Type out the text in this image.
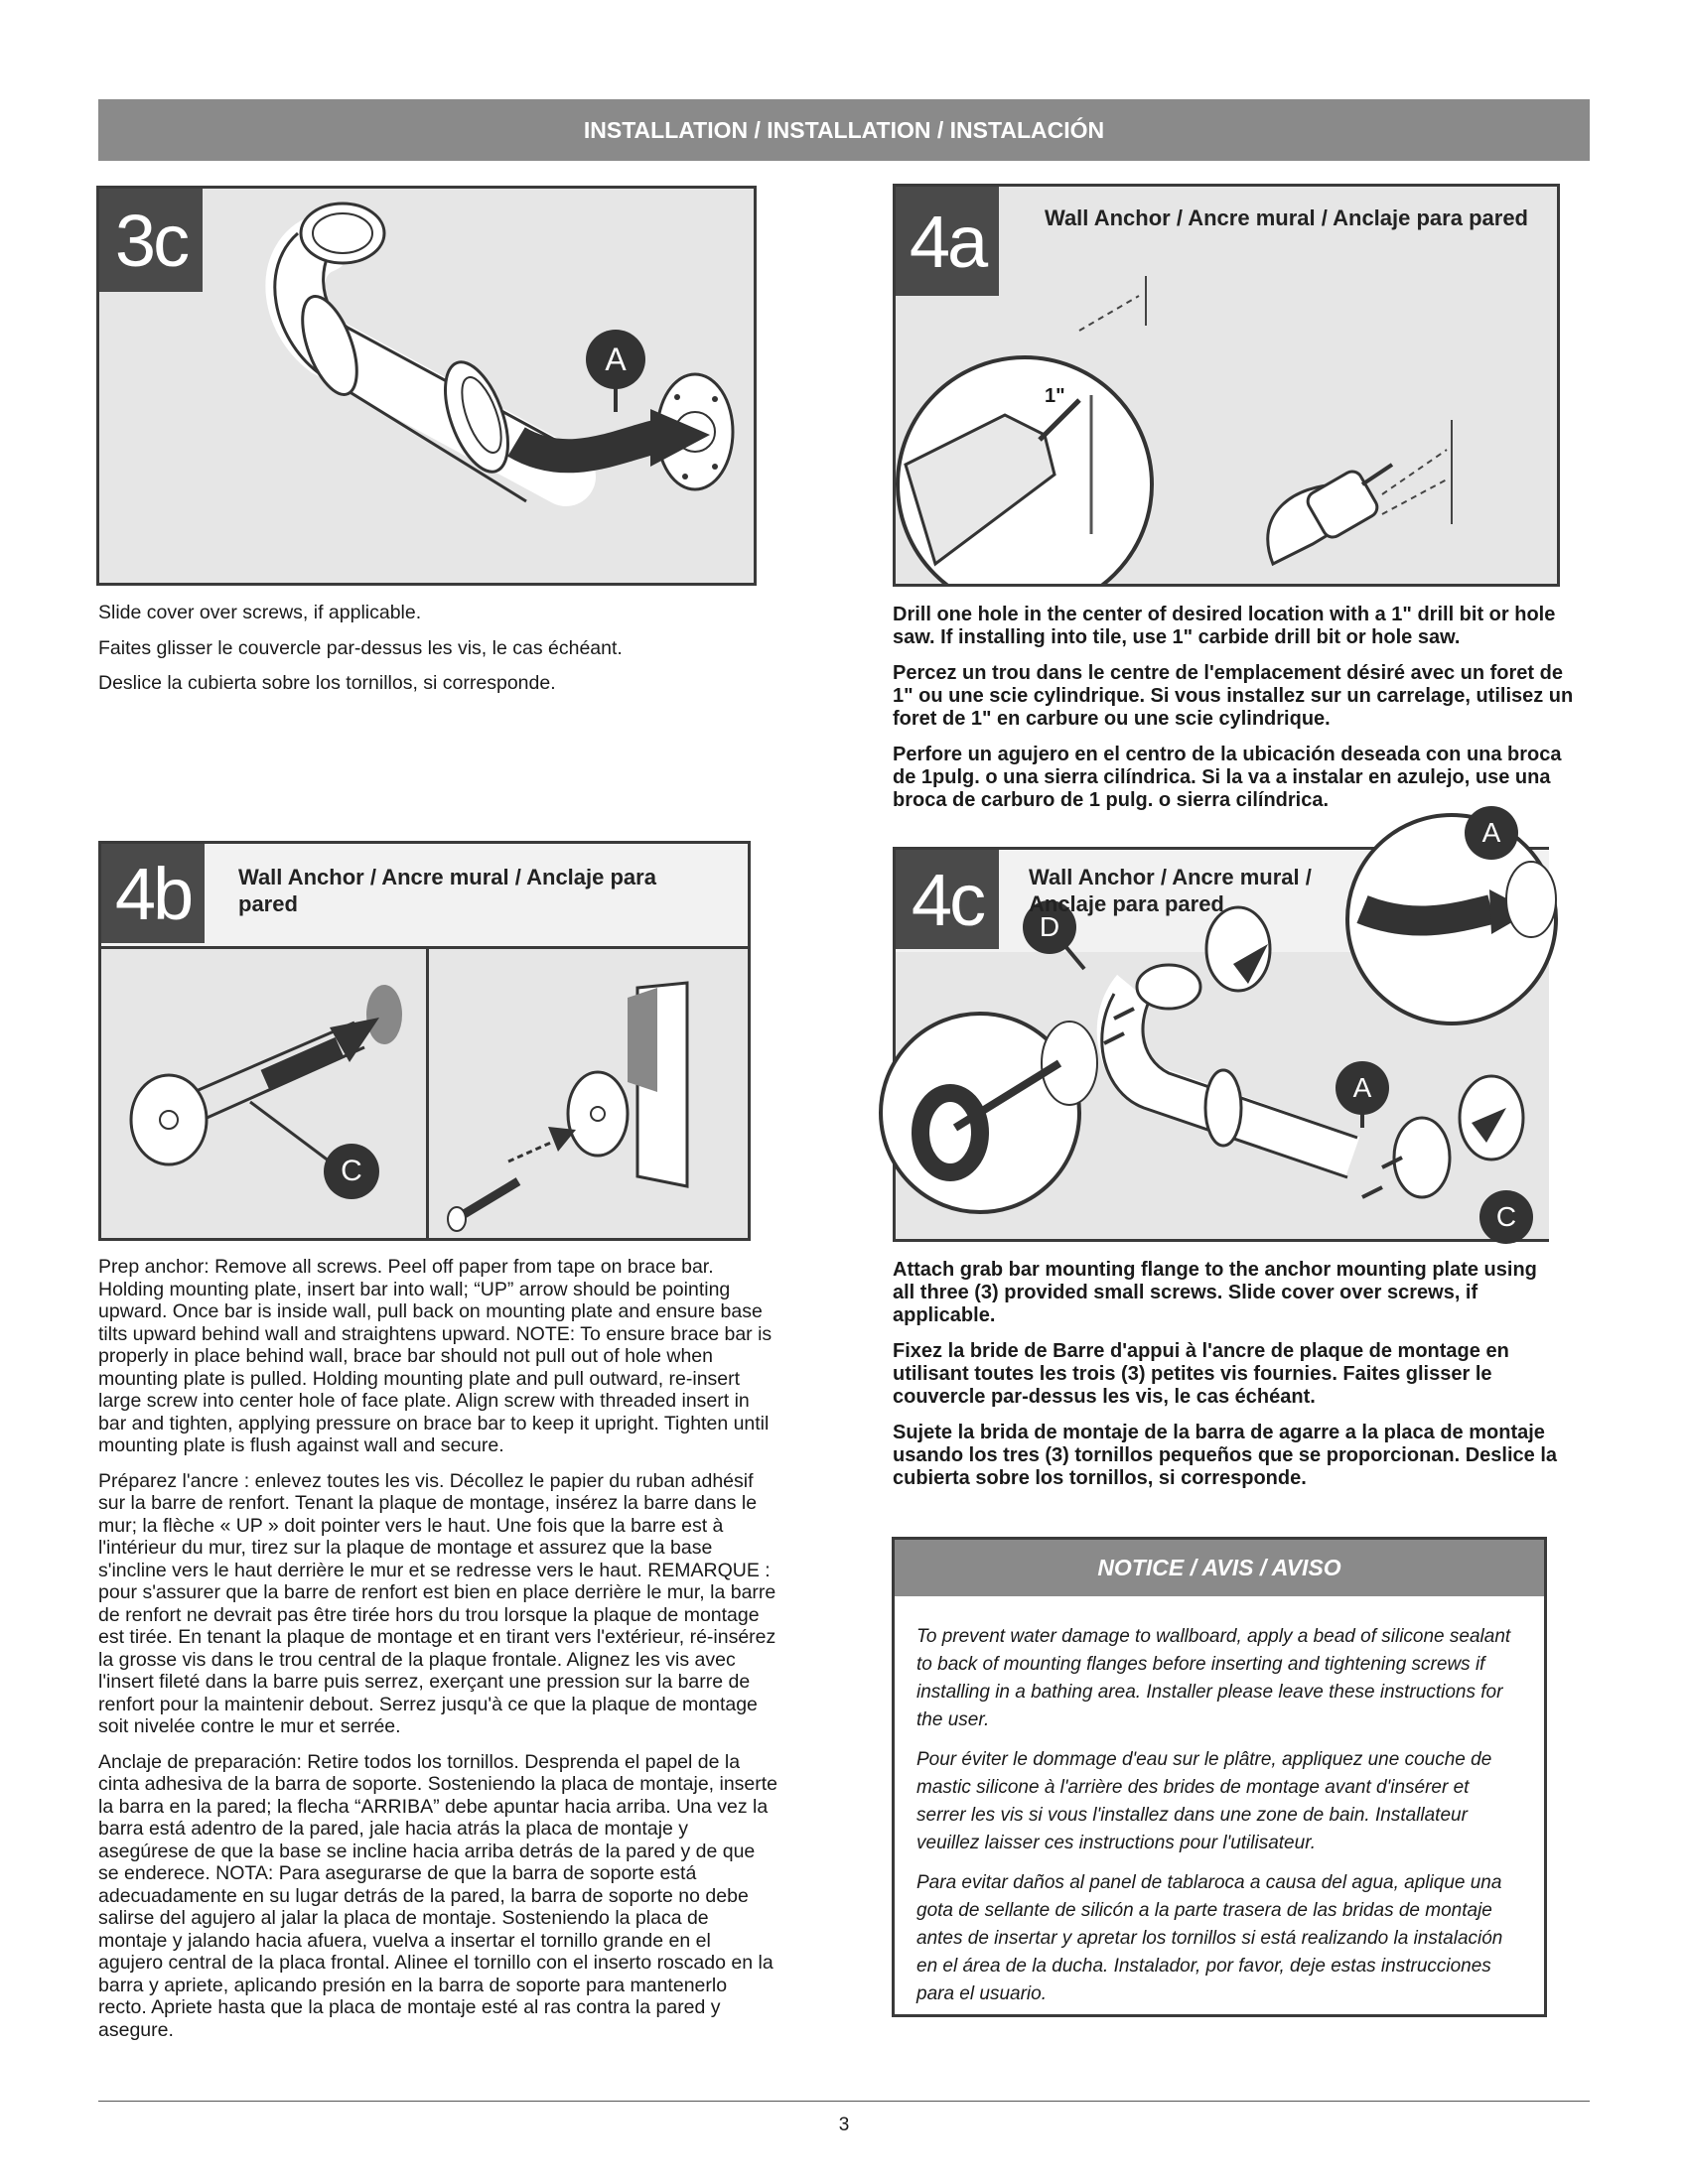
INSTALLATION / INSTALLATION / INSTALACIÓN
3c
A

Slide cover over screws, if applicable.

Faites glisser le couvercle par-dessus les vis, le cas échéant.

Deslice la cubierta sobre los tornillos, si corresponde.

4a	Wall Anchor / Ancre mural / Anclaje para pared
1"

Drill one hole in the center of desired location with a 1" drill bit or hole saw. If installing into tile, use 1" carbide drill bit or hole saw.

Percez un trou dans le centre de l'emplacement désiré avec un foret de 1" ou une scie cylindrique. Si vous installez sur un carrelage, utilisez un foret de 1" en carbure ou une scie cylindrique.

Perfore un agujero en el centro de la ubicación deseada con una broca de 1pulg. o una sierra cilíndrica. Si la va a instalar en azulejo, use una broca de carburo de 1 pulg. o sierra cilíndrica.

4b	Wall Anchor / Ancre mural / Anclaje para pared
C

Prep anchor: Remove all screws. Peel off paper from tape on brace bar. Holding mounting plate, insert bar into wall; “UP” arrow should be pointing upward. Once bar is inside wall, pull back on mounting plate and ensure base tilts upward behind wall and straightens upward. NOTE: To ensure brace bar is properly in place behind wall, brace bar should not pull out of hole when mounting plate is pulled. Holding mounting plate and pull outward, re-insert large screw into center hole of face plate. Align screw with threaded insert in bar and tighten, applying pressure on brace bar to keep it upright. Tighten until mounting plate is flush against wall and secure.

Préparez l'ancre : enlevez toutes les vis. Décollez le papier du ruban adhésif sur la barre de renfort. Tenant la plaque de montage, insérez la barre dans le mur; la flèche « UP » doit pointer vers le haut. Une fois que la barre est à l'intérieur du mur, tirez sur la plaque de montage et assurez que la base s'incline vers le haut derrière le mur et se redresse vers le haut. REMARQUE : pour s'assurer que la barre de renfort est bien en place derrière le mur, la barre de renfort ne devrait pas être tirée hors du trou lorsque la plaque de montage est tirée. En tenant la plaque de montage et en tirant vers l'extérieur, ré-insérez la grosse vis dans le trou central de la plaque frontale. Alignez les vis avec l'insert fileté dans la barre puis serrez, exerçant une pression sur la barre de renfort pour la maintenir debout. Serrez jusqu'à ce que la plaque de montage soit nivelée contre le mur et serrée.

Anclaje de preparación: Retire todos los tornillos. Desprenda el papel de la cinta adhesiva de la barra de soporte. Sosteniendo la placa de montaje, inserte la barra en la pared; la flecha “ARRIBA” debe apuntar hacia arriba. Una vez la barra está adentro de la pared, jale hacia atrás la placa de montaje y asegúrese de que la base se incline hacia arriba detrás de la pared y de que se enderece. NOTA: Para asegurarse de que la barra de soporte está adecuadamente en su lugar detrás de la pared, la barra de soporte no debe salirse del agujero al jalar la placa de montaje. Sosteniendo la placa de montaje y jalando hacia afuera, vuelva a insertar el tornillo grande en el agujero central de la placa frontal. Alinee el tornillo con el inserto roscado en la barra y apriete, aplicando presión en la barra de soporte para mantenerlo recto. Apriete hasta que la placa de montaje esté al ras contra la pared y asegure.

4c	Wall Anchor / Ancre mural / Anclaje para pared
D
A
A
C

Attach grab bar mounting flange to the anchor mounting plate using all three (3) provided small screws. Slide cover over screws, if applicable.

Fixez la bride de Barre d'appui à l'ancre de plaque de montage en utilisant toutes les trois (3) petites vis fournies. Faites glisser le couvercle par-dessus les vis, le cas échéant.

Sujete la brida de montaje de la barra de agarre a la placa de montaje usando los tres (3) tornillos pequeños que se proporcionan. Deslice la cubierta sobre los tornillos, si corresponde.

NOTICE / AVIS / AVISO

To prevent water damage to wallboard, apply a bead of silicone sealant to back of mounting flanges before inserting and tightening screws if installing in a bathing area. Installer please leave these instructions for the user.

Pour éviter le dommage d'eau sur le plâtre, appliquez une couche de mastic silicone à l'arrière des brides de montage avant d'insérer et serrer les vis si vous l'installez dans une zone de bain. Installateur veuillez laisser ces instructions pour l'utilisateur.

Para evitar daños al panel de tablaroca a causa del agua, aplique una gota de sellante de silicón a la parte trasera de las bridas de montaje antes de insertar y apretar los tornillos si está realizando la instalación en el área de la ducha. Instalador, por favor, deje estas instrucciones para el usuario.

3
